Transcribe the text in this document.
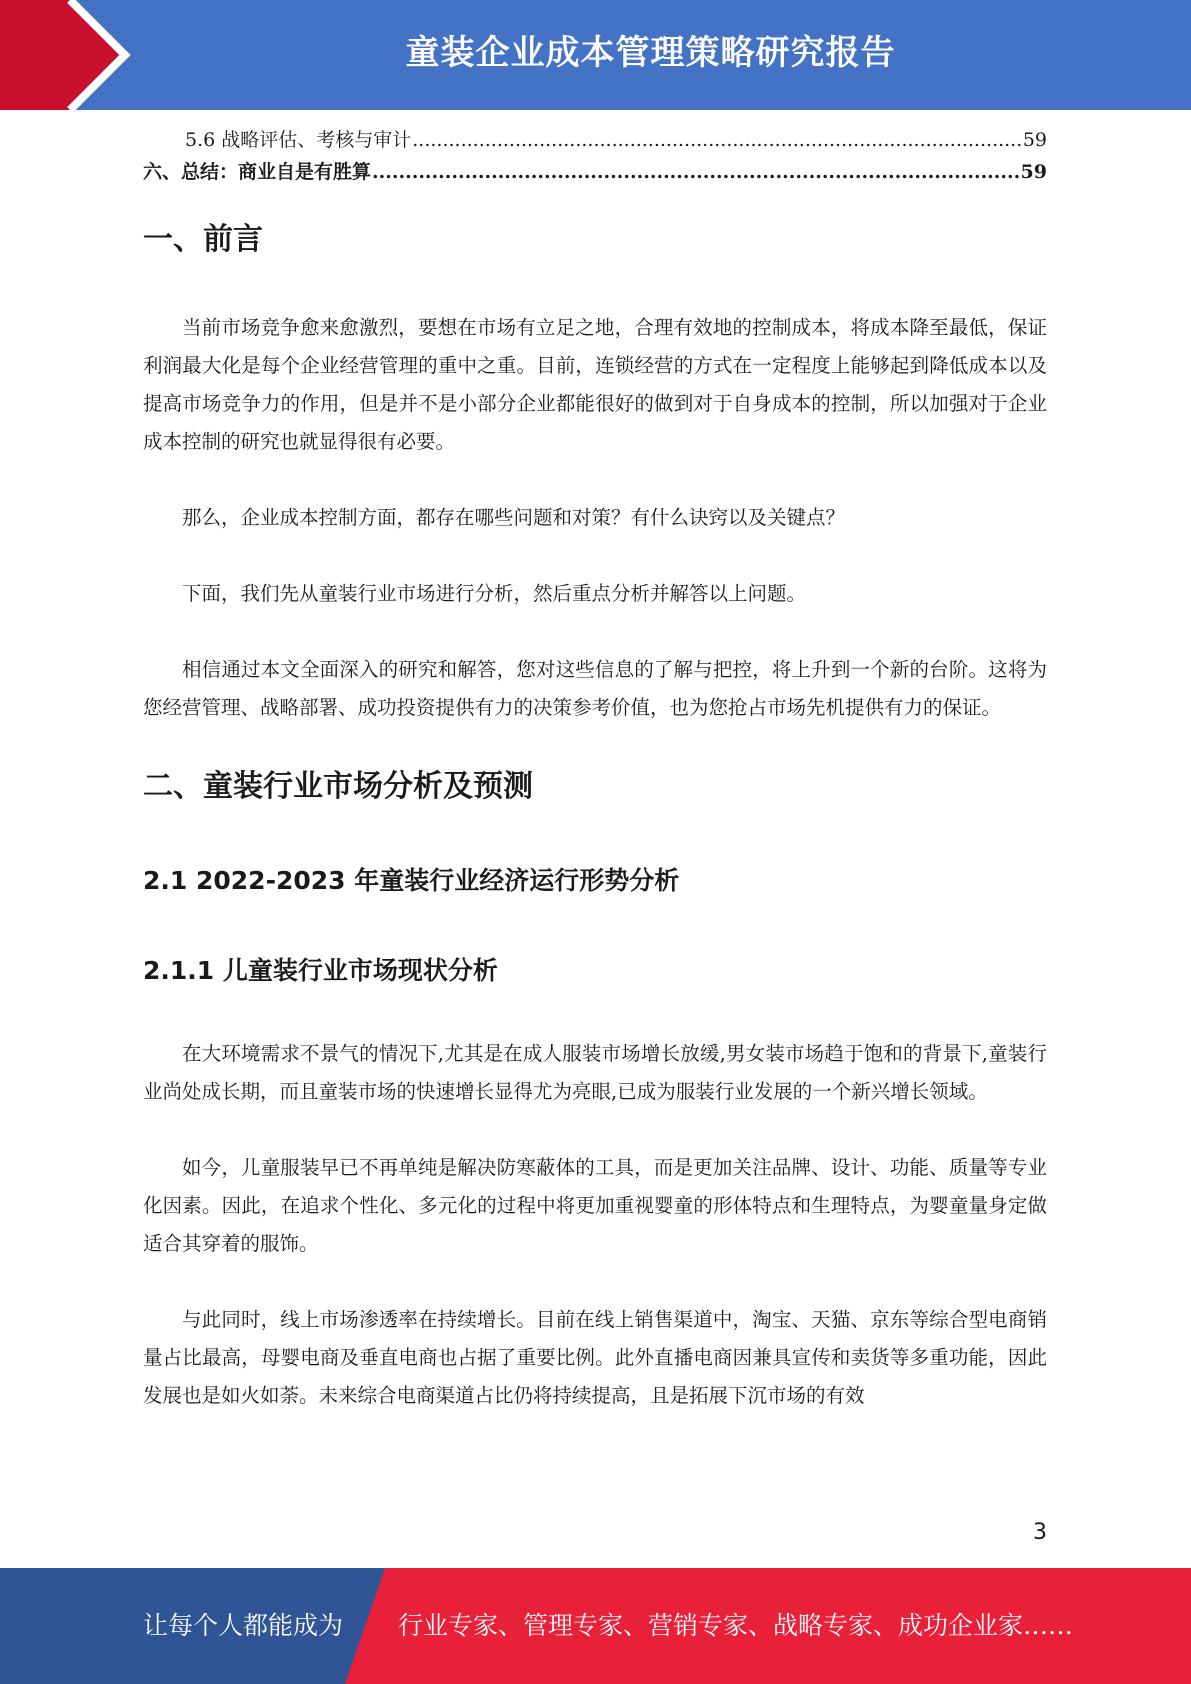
童装企业成本管理策略研究报告
5.6 战略评估、考核与审计 .....	59
六、总结：商业自是有胜算 .....	59
一、前言

当前市场竞争愈来愈激烈，要想在市场有立足之地，合理有效地的控制成本，将成本降至最低，保证利润最大化是每个企业经营管理的重中之重。目前，连锁经营的方式在一定程度上能够起到降低成本以及提高市场竞争力的作用，但是并不是小部分企业都能很好的做到对于自身成本的控制，所以加强对于企业成本控制的研究也就显得很有必要。

那么，企业成本控制方面，都存在哪些问题和对策？有什么诀窍以及关键点？

下面，我们先从童装行业市场进行分析，然后重点分析并解答以上问题。

相信通过本文全面深入的研究和解答，您对这些信息的了解与把控，将上升到一个新的台阶。这将为您经营管理、战略部署、成功投资提供有力的决策参考价值，也为您抢占市场先机提供有力的保证。

二、童装行业市场分析及预测
2.1 2022-2023 年童装行业经济运行形势分析
2.1.1 儿童装行业市场现状分析

在大环境需求不景气的情况下,尤其是在成人服装市场增长放缓,男女装市场趋于饱和的背景下,童装行业尚处成长期，而且童装市场的快速增长显得尤为亮眼,已成为服装行业发展的一个新兴增长领域。

如今，儿童服装早已不再单纯是解决防寒蔽体的工具，而是更加关注品牌、设计、功能、质量等专业化因素。因此，在追求个性化、多元化的过程中将更加重视婴童的形体特点和生理特点，为婴童量身定做适合其穿着的服饰。

与此同时，线上市场渗透率在持续增长。目前在线上销售渠道中，淘宝、天猫、京东等综合型电商销量占比最高，母婴电商及垂直电商也占据了重要比例。此外直播电商因兼具宣传和卖货等多重功能，因此发展也是如火如荼。未来综合电商渠道占比仍将持续提高，且是拓展下沉市场的有效

3
让每个人都能成为 行业专家、管理专家、营销专家、战略专家、成功企业家……
